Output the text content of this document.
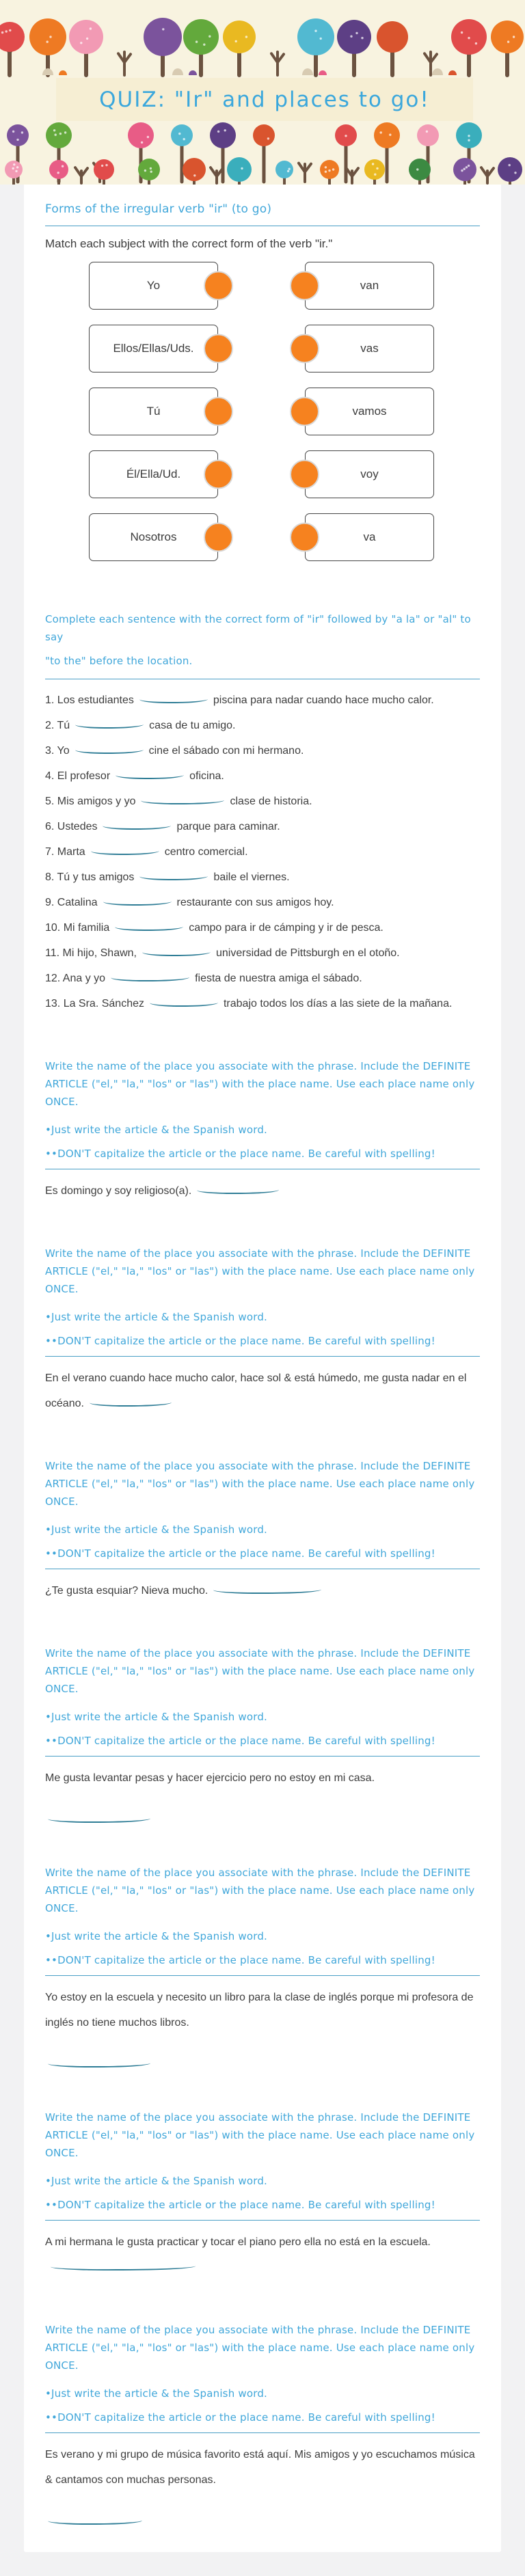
QUIZ: "Ir" and places to go!
Forms of the irregular verb "ir" (to go)

Match each subject with the correct form of the verb "ir."

Yo	van
Ellos/Ellas/Uds.	vas
Tú	vamos
Él/Ella/Ud.	voy
Nosotros	va

Complete each sentence with the correct form of "ir" followed by "a la" or "al" to say

"to the" before the location.

1. Los estudiantes	piscina para nadar cuando hace mucho calor.

2. Tú	casa de tu amigo.

3. Yo	cine el sábado con mi hermano.

4. El profesor	oficina.

5. Mis amigos y yo	clase de historia.

6. Ustedes	parque para caminar.

7. Marta	centro comercial.

8. Tú y tus amigos	baile el viernes.

9. Catalina	restaurante con sus amigos hoy.

10. Mi familia	campo para ir de cámping y ir de pesca.

11. Mi hijo, Shawn,	universidad de Pittsburgh en el otoño.

12. Ana y yo	fiesta de nuestra amiga el sábado.

13. La Sra. Sánchez	trabajo todos los días a las siete de la mañana.

Write the name of the place you associate with the phrase. Include the DEFINITE ARTICLE ("el," "la," "los" or "las") with the place name. Use each place name only ONCE.

•Just write the article & the Spanish word.

••DON'T capitalize the article or the place name. Be careful with spelling!

Es domingo y soy religioso(a).

Write the name of the place you associate with the phrase. Include the DEFINITE ARTICLE ("el," "la," "los" or "las") with the place name. Use each place name only ONCE.

•Just write the article & the Spanish word.

••DON'T capitalize the article or the place name. Be careful with spelling!

En el verano cuando hace mucho calor, hace sol & está húmedo, me gusta nadar en el océano.

Write the name of the place you associate with the phrase. Include the DEFINITE ARTICLE ("el," "la," "los" or "las") with the place name. Use each place name only ONCE.

•Just write the article & the Spanish word.

••DON'T capitalize the article or the place name. Be careful with spelling!

¿Te gusta esquiar? Nieva mucho.

Write the name of the place you associate with the phrase. Include the DEFINITE ARTICLE ("el," "la," "los" or "las") with the place name. Use each place name only ONCE.

•Just write the article & the Spanish word.

••DON'T capitalize the article or the place name. Be careful with spelling!

Me gusta levantar pesas y hacer ejercicio pero no estoy en mi casa.

Write the name of the place you associate with the phrase. Include the DEFINITE ARTICLE ("el," "la," "los" or "las") with the place name. Use each place name only ONCE.

•Just write the article & the Spanish word.

••DON'T capitalize the article or the place name. Be careful with spelling!

Yo estoy en la escuela y necesito un libro para la clase de inglés porque mi profesora de inglés no tiene muchos libros.

Write the name of the place you associate with the phrase. Include the DEFINITE ARTICLE ("el," "la," "los" or "las") with the place name. Use each place name only ONCE.

•Just write the article & the Spanish word.

••DON'T capitalize the article or the place name. Be careful with spelling!

A mi hermana le gusta practicar y tocar el piano pero ella no está en la escuela.

Write the name of the place you associate with the phrase. Include the DEFINITE ARTICLE ("el," "la," "los" or "las") with the place name. Use each place name only ONCE.

•Just write the article & the Spanish word.

••DON'T capitalize the article or the place name. Be careful with spelling!

Es verano y mi grupo de música favorito está aquí. Mis amigos y yo escuchamos música & cantamos con muchas personas.
